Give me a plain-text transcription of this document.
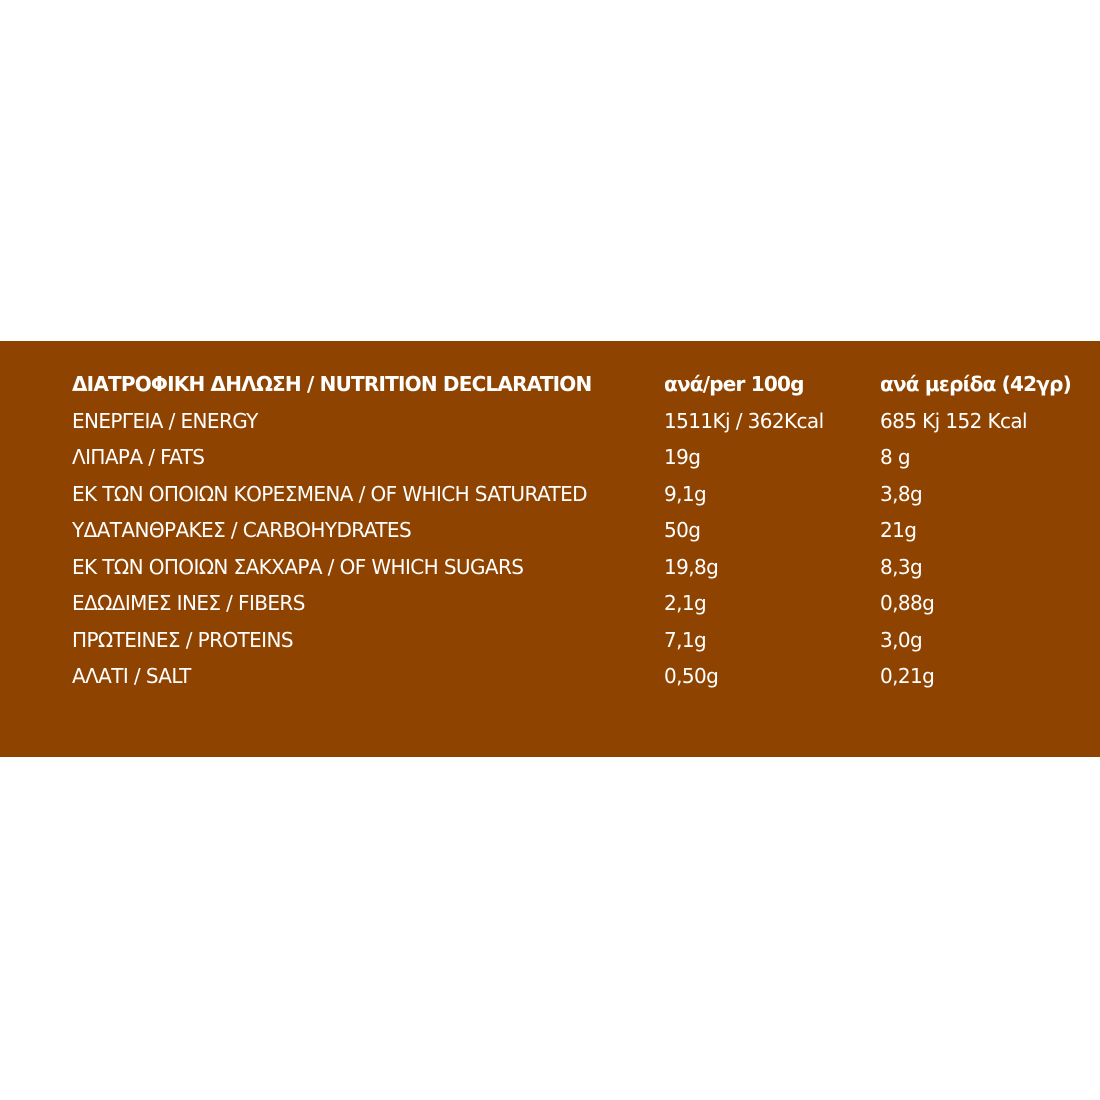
ΔΙΑΤΡΟΦΙΚΗ ΔΗΛΩΣΗ / NUTRITION DECLARATION	ανά/per 100g	ανά μερίδα (42γρ)
ΕΝΕΡΓΕΙΑ / ENERGY	1511Kj / 362Kcal	685 Kj 152 Kcal
ΛΙΠΑΡΑ / FATS	19g	8 g
ΕΚ ΤΩΝ ΟΠΟΙΩΝ ΚΟΡΕΣΜΕΝΑ / OF WHICH SATURATED	9,1g	3,8g
ΥΔΑΤΑΝΘΡΑΚΕΣ / CARBOHYDRATES	50g	21g
ΕΚ ΤΩΝ ΟΠΟΙΩΝ ΣΑΚΧΑΡΑ / OF WHICH SUGARS	19,8g	8,3g
ΕΔΩΔΙΜΕΣ ΙΝΕΣ / FIBERS	2,1g	0,88g
ΠΡΩΤΕΙΝΕΣ / PROTEINS	7,1g	3,0g
ΑΛΑΤΙ / SALT	0,50g	0,21g
